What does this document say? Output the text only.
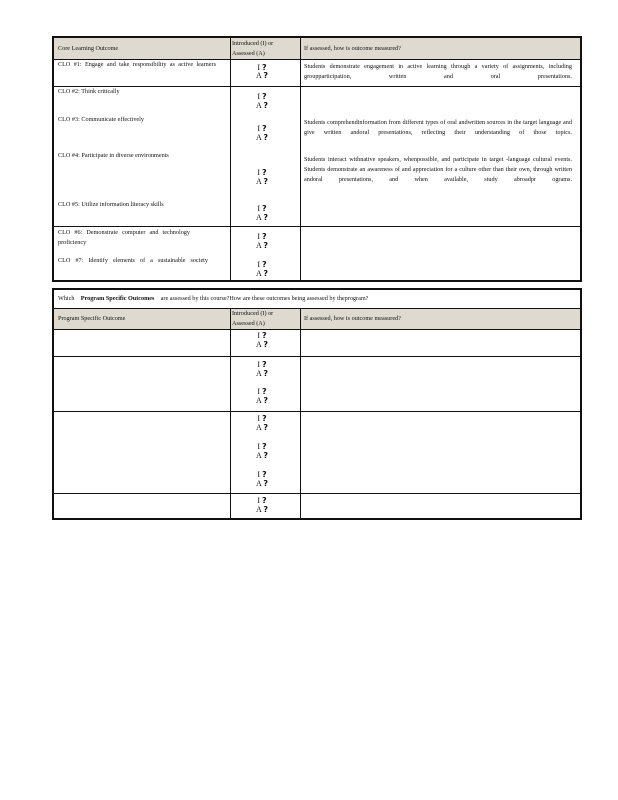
Core Learning Outcome
Introduced (I) or
Assessed (A)
If assessed, how is outcome measured?
CLO #1: Engage and take responsibility as active learners
CLO #2: Think critically
CLO #3: Communicate effectively
CLO #4: Participate in diverse environments
CLO #5: Utilize information literacy skills
CLO #6: Demonstrate computer and technology proficiency
CLO #7: Identify elements of a sustainable society
Students demonstrate engagement in active learning through a variety of assignments, including groupparticipation, written and oral presentations.
Students comprehendinformation from different types of oral andwritten sources in the target language and give written andoral presentations, reflecting their understanding of those topics.
Students interact withnative speakers, whenpossible, and participate in target -language cultural events. Students demonstrate an awareness of and appreciation for a culture other than their own, through written andoral presentations, and when available, study abroadpr ograms.
I ?
A ?
I ?
A ?
I ?
A ?
I ?
A ?
I ?
A ?
I ?
A ?
I ?
A ?
Which Program Specific Outcomes are assessed by this course?How are these outcomes being assessed by theprogram?
Program Specific Outcome
Introduced (I) or
Assessed (A)
If assessed, how is outcome measured?
I ?
A ?
I ?
A ?
I ?
A ?
I ?
A ?
I ?
A ?
I ?
A ?
I ?
A ?
